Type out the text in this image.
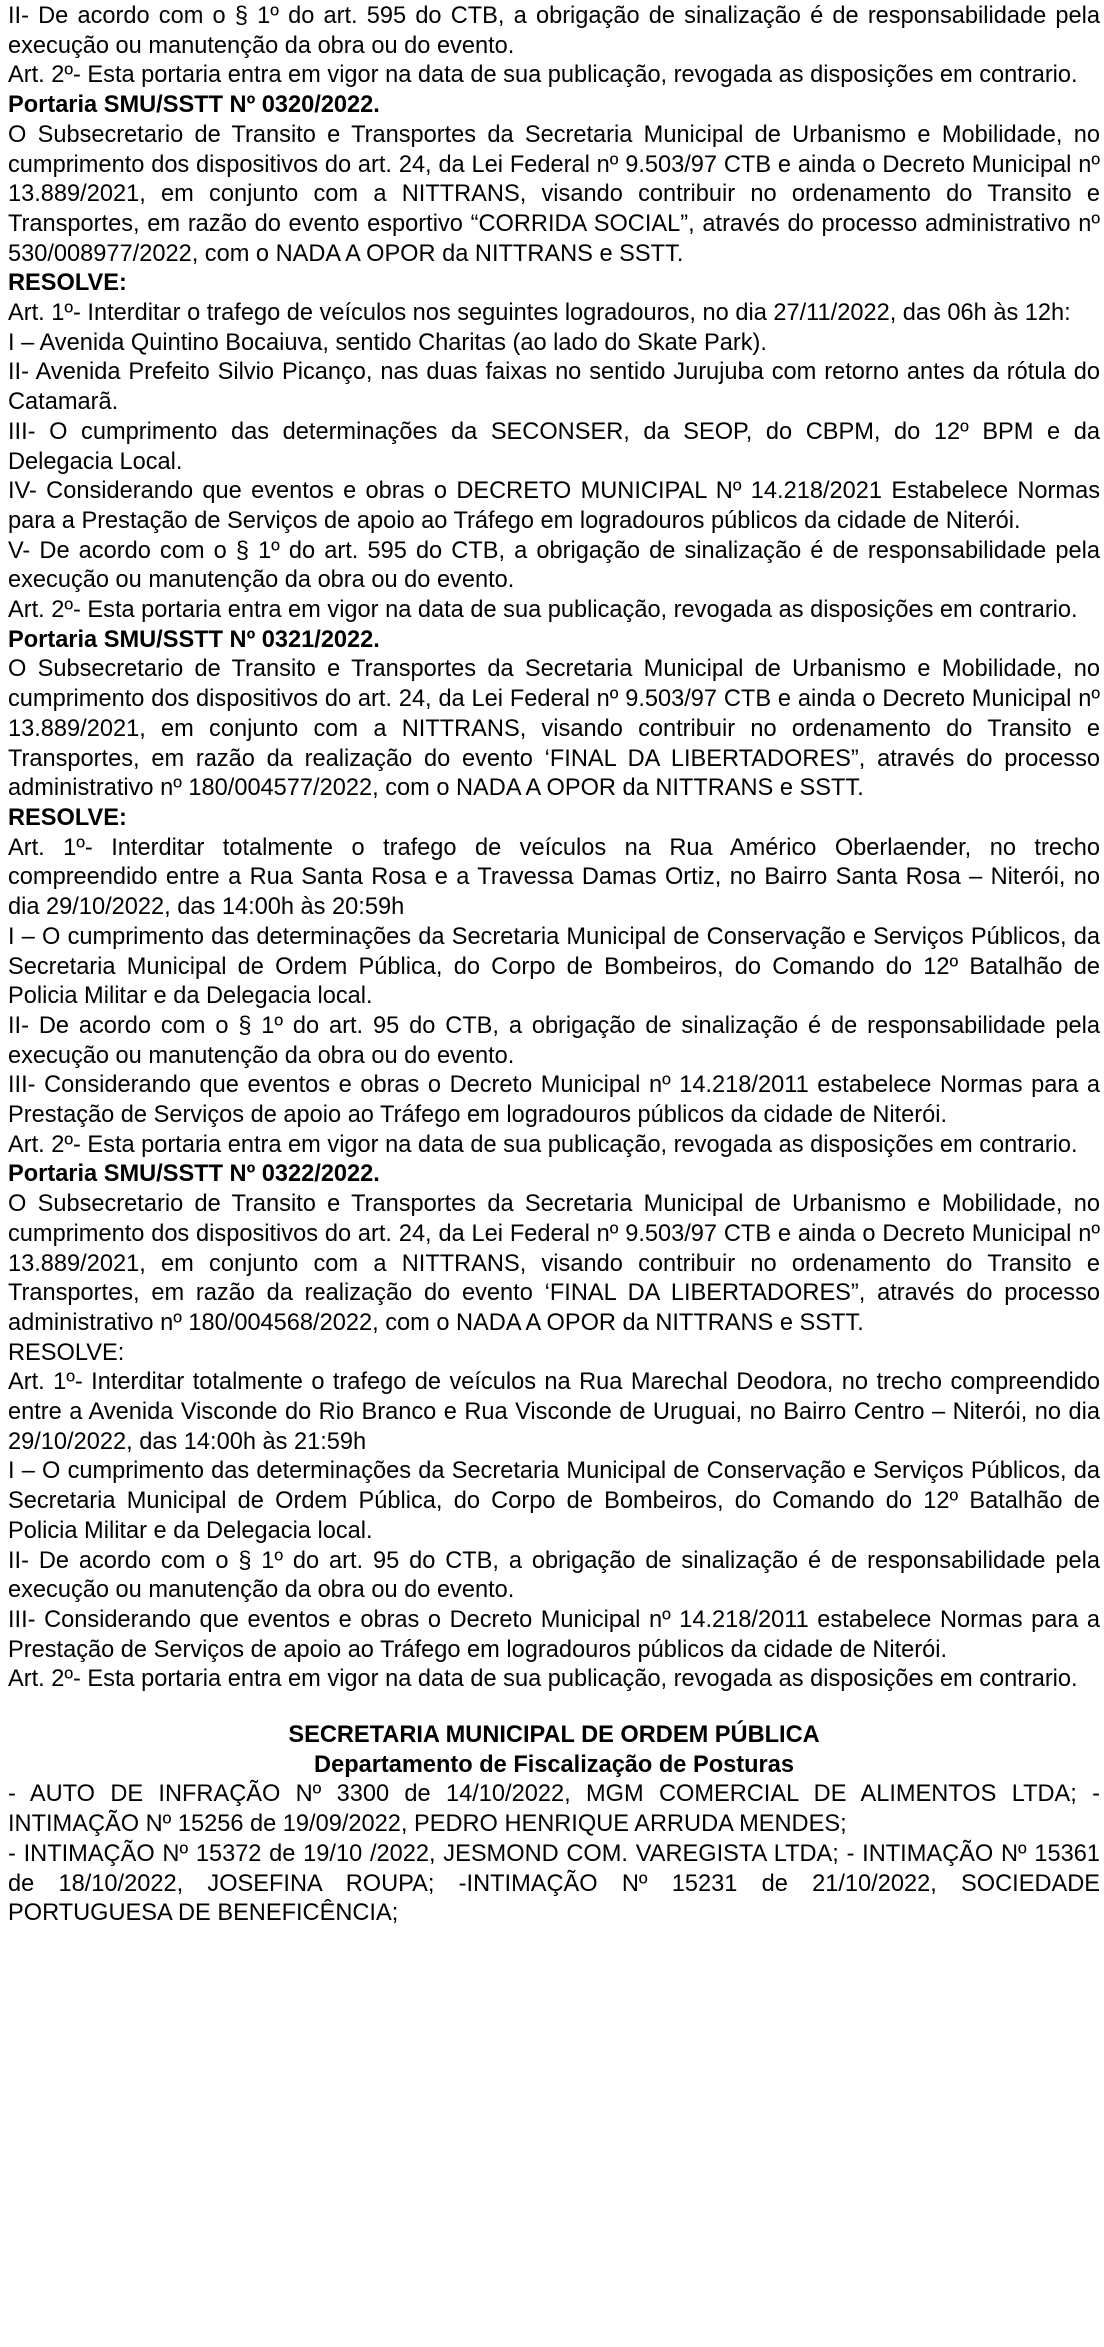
II- De acordo com o § 1º do art. 595 do CTB, a obrigação de sinalização é de responsabilidade pela execução ou manutenção da obra ou do evento.

Art. 2º- Esta portaria entra em vigor na data de sua publicação, revogada as disposições em contrario.

Portaria SMU/SSTT Nº 0320/2022.

O Subsecretario de Transito e Transportes da Secretaria Municipal de Urbanismo e Mobilidade, no cumprimento dos dispositivos do art. 24, da Lei Federal nº 9.503/97 CTB e ainda o Decreto Municipal nº 13.889/2021, em conjunto com a NITTRANS, visando contribuir no ordenamento do Transito e Transportes, em razão do evento esportivo “CORRIDA SOCIAL”, através do processo administrativo nº 530/008977/2022, com o NADA A OPOR da NITTRANS e SSTT.

RESOLVE:

Art. 1º- Interditar o trafego de veículos nos seguintes logradouros, no dia 27/11/2022, das 06h às 12h:

I – Avenida Quintino Bocaiuva, sentido Charitas (ao lado do Skate Park).

II- Avenida Prefeito Silvio Picanço, nas duas faixas no sentido Jurujuba com retorno antes da rótula do Catamarã.

III- O cumprimento das determinações da SECONSER, da SEOP, do CBPM, do 12º BPM e da Delegacia Local.

IV- Considerando que eventos e obras o DECRETO MUNICIPAL Nº 14.218/2021 Estabelece Normas para a Prestação de Serviços de apoio ao Tráfego em logradouros públicos da cidade de Niterói.

V- De acordo com o § 1º do art. 595 do CTB, a obrigação de sinalização é de responsabilidade pela execução ou manutenção da obra ou do evento.

Art. 2º- Esta portaria entra em vigor na data de sua publicação, revogada as disposições em contrario.

Portaria SMU/SSTT Nº 0321/2022.

O Subsecretario de Transito e Transportes da Secretaria Municipal de Urbanismo e Mobilidade, no cumprimento dos dispositivos do art. 24, da Lei Federal nº 9.503/97 CTB e ainda o Decreto Municipal nº 13.889/2021, em conjunto com a NITTRANS, visando contribuir no ordenamento do Transito e Transportes, em razão da realização do evento ‘FINAL DA LIBERTADORES”, através do processo administrativo nº 180/004577/2022, com o NADA A OPOR da NITTRANS e SSTT.

RESOLVE:

Art. 1º- Interditar totalmente o trafego de veículos na Rua Américo Oberlaender, no trecho compreendido entre a Rua Santa Rosa e a Travessa Damas Ortiz, no Bairro Santa Rosa – Niterói, no dia 29/10/2022, das 14:00h às 20:59h

I – O cumprimento das determinações da Secretaria Municipal de Conservação e Serviços Públicos, da Secretaria Municipal de Ordem Pública, do Corpo de Bombeiros, do Comando do 12º Batalhão de Policia Militar e da Delegacia local.

II- De acordo com o § 1º do art. 95 do CTB, a obrigação de sinalização é de responsabilidade pela execução ou manutenção da obra ou do evento.

III- Considerando que eventos e obras o Decreto Municipal nº 14.218/2011 estabelece Normas para a Prestação de Serviços de apoio ao Tráfego em logradouros públicos da cidade de Niterói.

Art. 2º- Esta portaria entra em vigor na data de sua publicação, revogada as disposições em contrario.

Portaria SMU/SSTT Nº 0322/2022.

O Subsecretario de Transito e Transportes da Secretaria Municipal de Urbanismo e Mobilidade, no cumprimento dos dispositivos do art. 24, da Lei Federal nº 9.503/97 CTB e ainda o Decreto Municipal nº 13.889/2021, em conjunto com a NITTRANS, visando contribuir no ordenamento do Transito e Transportes, em razão da realização do evento ‘FINAL DA LIBERTADORES”, através do processo administrativo nº 180/004568/2022, com o NADA A OPOR da NITTRANS e SSTT.

RESOLVE:

Art. 1º- Interditar totalmente o trafego de veículos na Rua Marechal Deodora, no trecho compreendido entre a Avenida Visconde do Rio Branco e Rua Visconde de Uruguai, no Bairro Centro – Niterói, no dia 29/10/2022, das 14:00h às 21:59h

I – O cumprimento das determinações da Secretaria Municipal de Conservação e Serviços Públicos, da Secretaria Municipal de Ordem Pública, do Corpo de Bombeiros, do Comando do 12º Batalhão de Policia Militar e da Delegacia local.

II- De acordo com o § 1º do art. 95 do CTB, a obrigação de sinalização é de responsabilidade pela execução ou manutenção da obra ou do evento.

III- Considerando que eventos e obras o Decreto Municipal nº 14.218/2011 estabelece Normas para a Prestação de Serviços de apoio ao Tráfego em logradouros públicos da cidade de Niterói.

Art. 2º- Esta portaria entra em vigor na data de sua publicação, revogada as disposições em contrario.

SECRETARIA MUNICIPAL DE ORDEM PÚBLICA
Departamento de Fiscalização de Posturas

- AUTO DE INFRAÇÃO Nº 3300 de 14/10/2022, MGM COMERCIAL DE ALIMENTOS LTDA; - INTIMAÇÃO Nº 15256 de 19/09/2022, PEDRO HENRIQUE ARRUDA MENDES;

- INTIMAÇÃO Nº 15372 de 19/10 /2022, JESMOND COM. VAREGISTA LTDA; - INTIMAÇÃO Nº 15361 de 18/10/2022, JOSEFINA ROUPA; -INTIMAÇÃO Nº 15231 de 21/10/2022, SOCIEDADE PORTUGUESA DE BENEFICÊNCIA;
